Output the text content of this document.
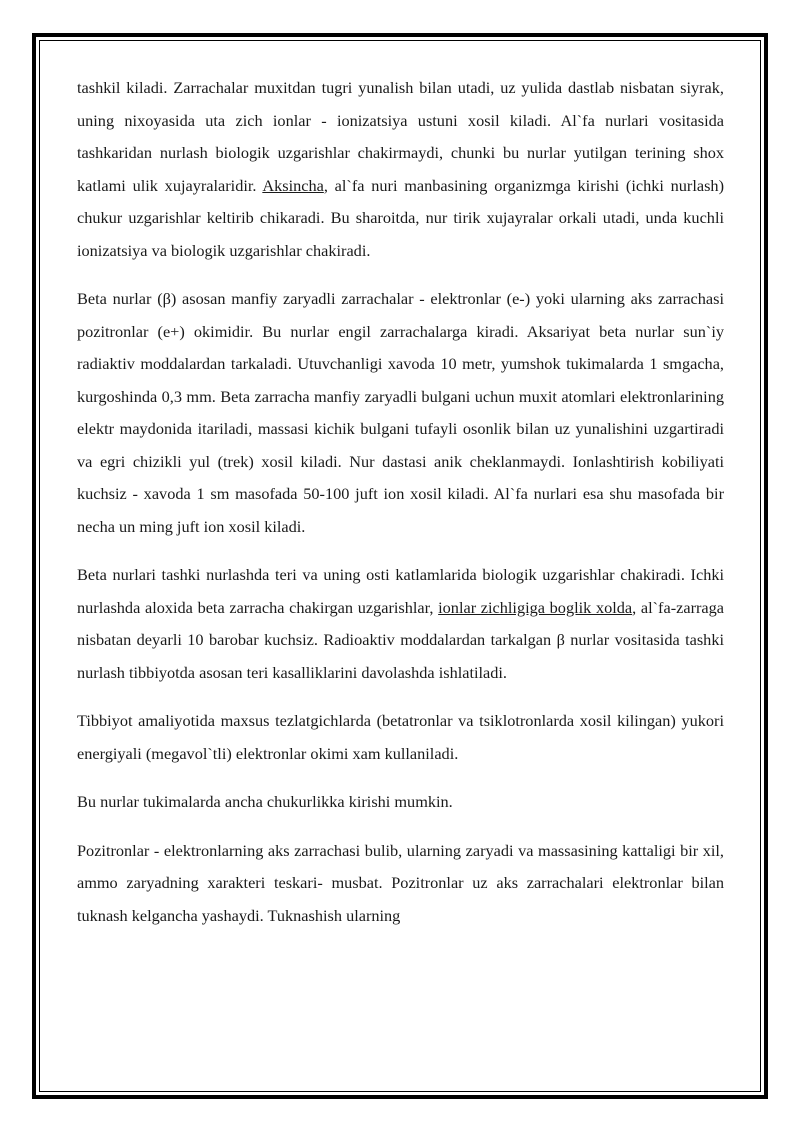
tashkil kiladi. Zarrachalar muxitdan tugri yunalish bilan utadi, uz yulida dastlab nisbatan siyrak, uning nixoyasida uta zich ionlar - ionizatsiya ustuni xosil kiladi. Al`fa nurlari vositasida tashkaridan nurlash biologik uzgarishlar chakirmaydi, chunki bu nurlar yutilgan terining shox katlami ulik xujayralaridir. Aksincha, al`fa nuri manbasining organizmga kirishi (ichki nurlash) chukur uzgarishlar keltirib chikaradi. Bu sharoitda, nur tirik xujayralar orkali utadi, unda kuchli ionizatsiya va biologik uzgarishlar chakiradi.

Beta nurlar (β) asosan manfiy zaryadli zarrachalar - elektronlar (e-) yoki ularning aks zarrachasi pozitronlar (e+) okimidir. Bu nurlar engil zarrachalarga kiradi. Aksariyat beta nurlar sun`iy radiaktiv moddalardan tarkaladi. Utuvchanligi xavoda 10 metr, yumshok tukimalarda 1 smgacha, kurgoshinda 0,3 mm. Beta zarracha manfiy zaryadli bulgani uchun muxit atomlari elektronlarining elektr maydonida itariladi, massasi kichik bulgani tufayli osonlik bilan uz yunalishini uzgartiradi va egri chizikli yul (trek) xosil kiladi. Nur dastasi anik cheklanmaydi. Ionlashtirish kobiliyati kuchsiz - xavoda 1 sm masofada 50-100 juft ion xosil kiladi. Al`fa nurlari esa shu masofada bir necha un ming juft ion xosil kiladi.

Beta nurlari tashki nurlashda teri va uning osti katlamlarida biologik uzgarishlar chakiradi. Ichki nurlashda aloxida beta zarracha chakirgan uzgarishlar, ionlar zichligiga boglik xolda, al`fa-zarraga nisbatan deyarli 10 barobar kuchsiz. Radioaktiv moddalardan tarkalgan β nurlar vositasida tashki nurlash tibbiyotda asosan teri kasalliklarini davolashda ishlatiladi.

Tibbiyot amaliyotida maxsus tezlatgichlarda (betatronlar va tsiklotronlarda xosil kilingan) yukori energiyali (megavol`tli) elektronlar okimi xam kullaniladi.

Bu nurlar tukimalarda ancha chukurlikka kirishi mumkin.

Pozitronlar - elektronlarning aks zarrachasi bulib, ularning zaryadi va massasining kattaligi bir xil, ammo zaryadning xarakteri teskari- musbat. Pozitronlar uz aks zarrachalari elektronlar bilan tuknash kelgancha yashaydi. Tuknashish ularning
